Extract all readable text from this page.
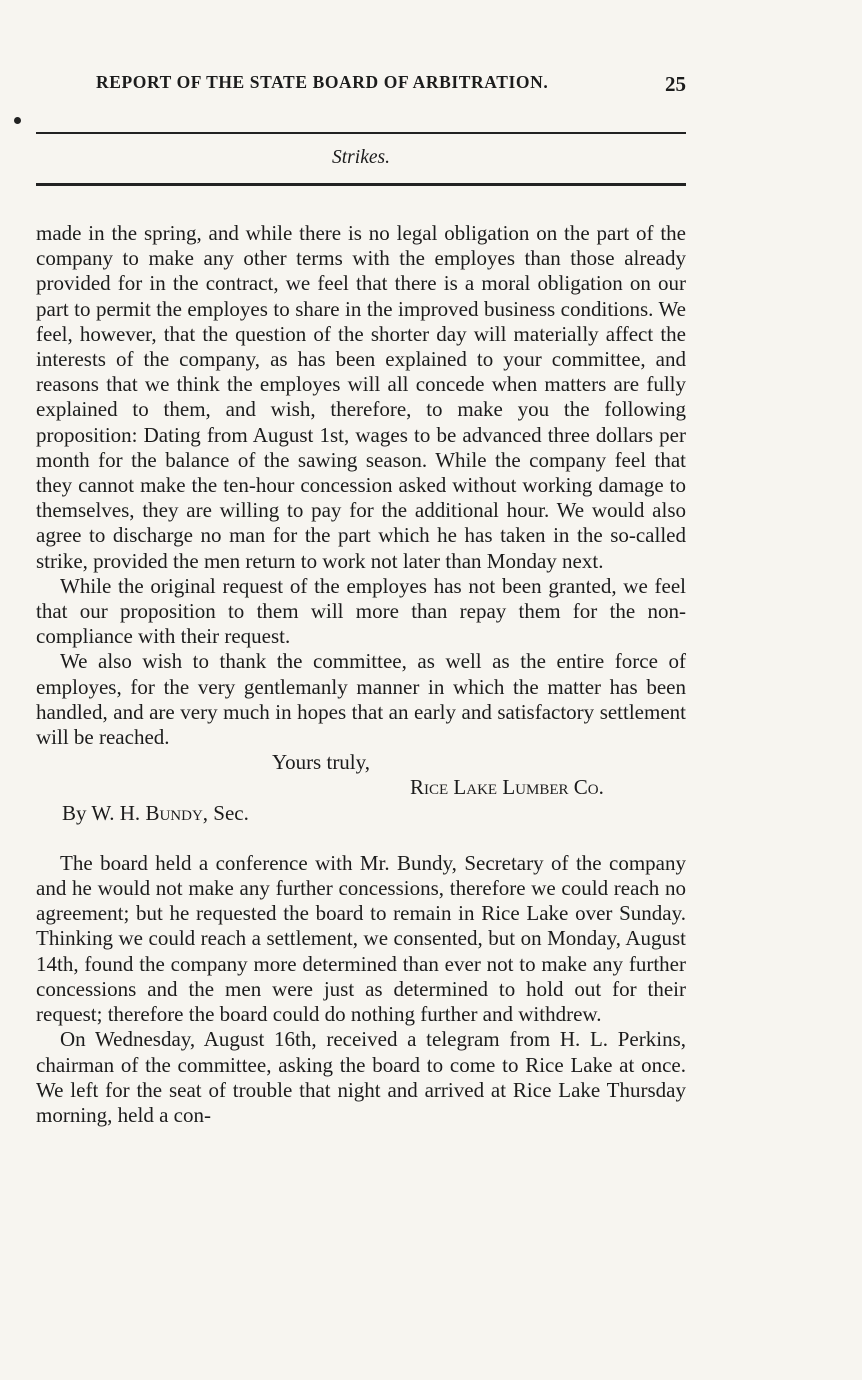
REPORT OF THE STATE BOARD OF ARBITRATION.	25
Strikes.

made in the spring, and while there is no legal obligation on the part of the company to make any other terms with the employes than those already provided for in the contract, we feel that there is a moral obligation on our part to permit the employes to share in the improved business conditions. We feel, however, that the question of the shorter day will materially affect the interests of the company, as has been explained to your committee, and reasons that we think the employes will all concede when matters are fully explained to them, and wish, therefore, to make you the following proposition: Dating from August 1st, wages to be advanced three dollars per month for the balance of the sawing season. While the company feel that they cannot make the ten-hour concession asked without working damage to themselves, they are willing to pay for the additional hour. We would also agree to discharge no man for the part which he has taken in the so-called strike, provided the men return to work not later than Monday next.

While the original request of the employes has not been granted, we feel that our proposition to them will more than repay them for the non-compliance with their request.

We also wish to thank the committee, as well as the entire force of employes, for the very gentlemanly manner in which the matter has been handled, and are very much in hopes that an early and satisfactory settlement will be reached.

Yours truly,

Rice Lake Lumber Co.

By W. H. Bundy, Sec.

The board held a conference with Mr. Bundy, Secretary of the company and he would not make any further concessions, therefore we could reach no agreement; but he requested the board to remain in Rice Lake over Sunday. Thinking we could reach a settlement, we consented, but on Monday, August 14th, found the company more determined than ever not to make any further concessions and the men were just as determined to hold out for their request; therefore the board could do nothing further and withdrew.

On Wednesday, August 16th, received a telegram from H. L. Perkins, chairman of the committee, asking the board to come to Rice Lake at once. We left for the seat of trouble that night and arrived at Rice Lake Thursday morning, held a con-
